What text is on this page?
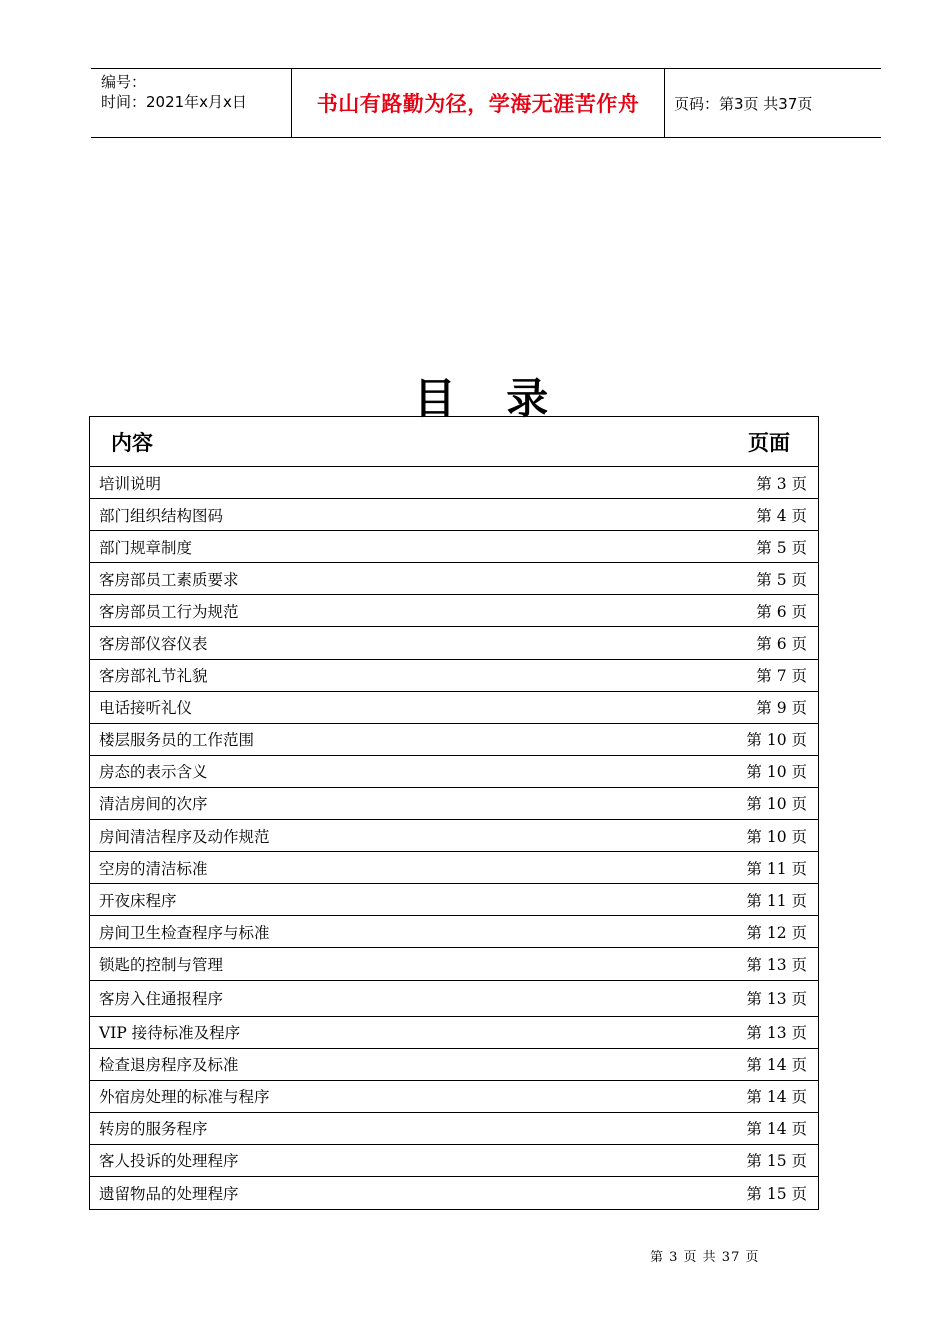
编号：
时间：2021年x月x日	书山有路勤为径，学海无涯苦作舟	页码：第3页 共37页
目 录
内容	页面
培训说明	第 3 页
部门组织结构图码	第 4 页
部门规章制度	第 5 页
客房部员工素质要求	第 5 页
客房部员工行为规范	第 6 页
客房部仪容仪表	第 6 页
客房部礼节礼貌	第 7 页
电话接听礼仪	第 9 页
楼层服务员的工作范围	第 10 页
房态的表示含义	第 10 页
清洁房间的次序	第 10 页
房间清洁程序及动作规范	第 10 页
空房的清洁标准	第 11 页
开夜床程序	第 11 页
房间卫生检查程序与标准	第 12 页
锁匙的控制与管理	第 13 页
客房入住通报程序	第 13 页
VIP 接待标准及程序	第 13 页
检查退房程序及标准	第 14 页
外宿房处理的标准与程序	第 14 页
转房的服务程序	第 14 页
客人投诉的处理程序	第 15 页
遗留物品的处理程序	第 15 页
第 3 页 共 37 页
